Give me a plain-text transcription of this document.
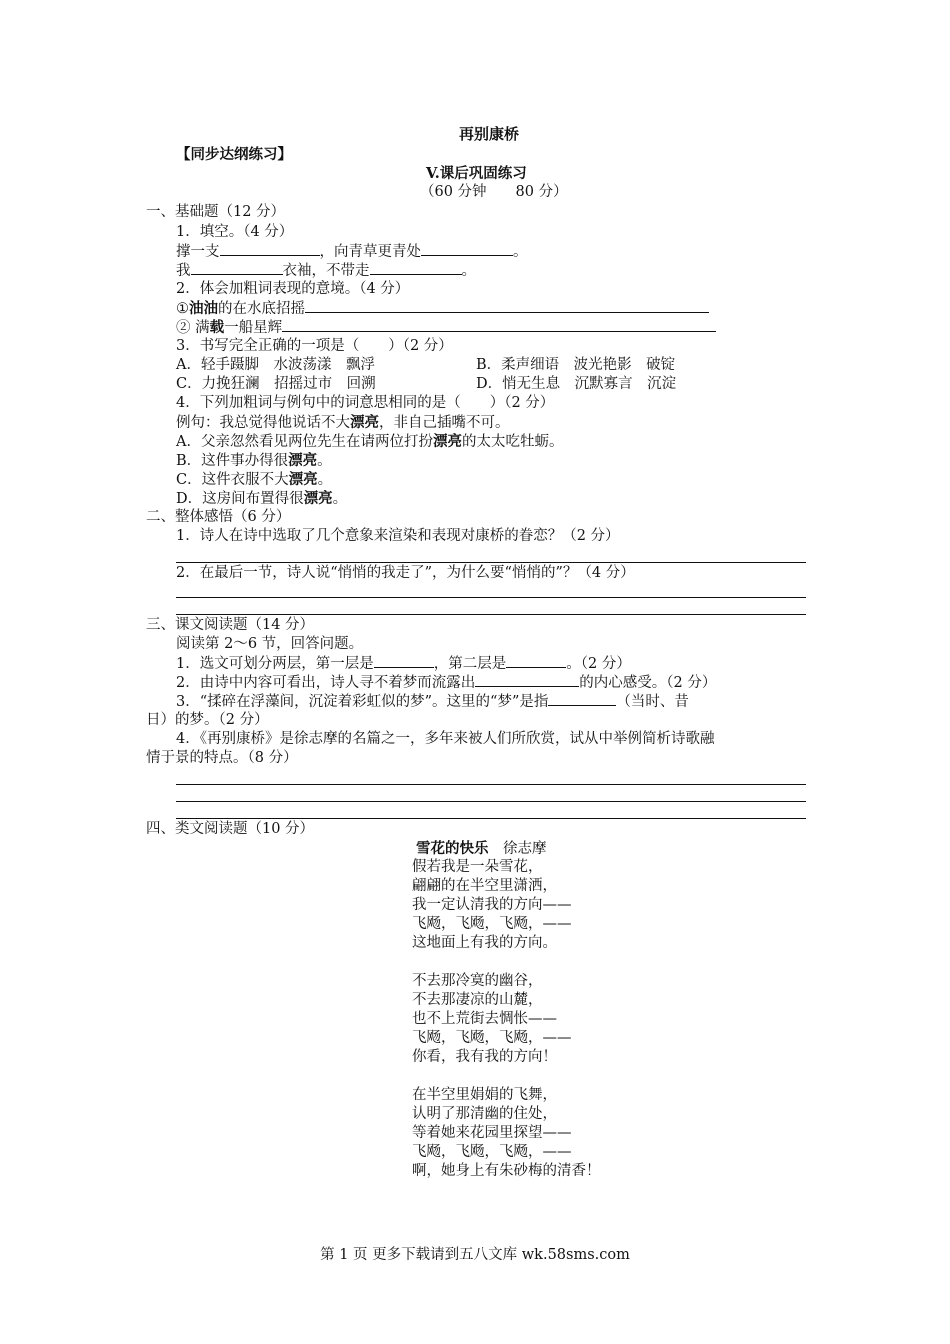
再别康桥
【同步达纲练习】
V.课后巩固练习
（60 分钟　　80 分）
一、基础题（12 分）
1．填空。（4 分）
撑一支	，向青草更青处	。
我	衣袖，不带走	。
2．体会加粗词表现的意境。（4 分）
①油油的在水底招摇
② 满载一船星辉
3．书写完全正确的一项是（　　）（2 分）
A．轻手蹑脚　水波荡漾　飘浮	B．柔声细语　波光艳影　破锭
C．力挽狂澜　招摇过市　回溯	D．悄无生息　沉默寡言　沉淀
4．下列加粗词与例句中的词意思相同的是（　　）（2 分）
例句：我总觉得他说话不大漂亮，非自己插嘴不可。
A．父亲忽然看见两位先生在请两位打扮漂亮的太太吃牡蛎。
B．这件事办得很漂亮。
C．这件衣服不大漂亮。
D．这房间布置得很漂亮。
二、整体感悟（6 分）
1．诗人在诗中选取了几个意象来渲染和表现对康桥的眷恋？（2 分）
2．在最后一节，诗人说“悄悄的我走了”，为什么要“悄悄的”？（4 分）
三、课文阅读题（14 分）
阅读第 2～6 节，回答问题。
1．选文可划分两层，第一层是	，第二层是	。（2 分）
2．由诗中内容可看出，诗人寻不着梦而流露出	的内心感受。（2 分）
3．“揉碎在浮藻间，沉淀着彩虹似的梦”。这里的“梦”是指	（当时、昔
日）的梦。（2 分）
4．《再别康桥》是徐志摩的名篇之一，多年来被人们所欣赏，试从中举例简析诗歌融
情于景的特点。（8 分）
四、类文阅读题（10 分）
雪花的快乐　 徐志摩
假若我是一朵雪花，
翩翩的在半空里潇洒，
我一定认清我的方向——
飞飏，飞飏，飞飏，——
这地面上有我的方向。
不去那冷寞的幽谷，
不去那凄凉的山麓，
也不上荒街去惆怅——
飞飏，飞飏，飞飏，——
你看，我有我的方向！
在半空里娟娟的飞舞，
认明了那清幽的住处，
等着她来花园里探望——
飞飏，飞飏，飞飏，——
啊，她身上有朱砂梅的清香！
第 1 页 更多下载请到五八文库 wk.58sms.com
